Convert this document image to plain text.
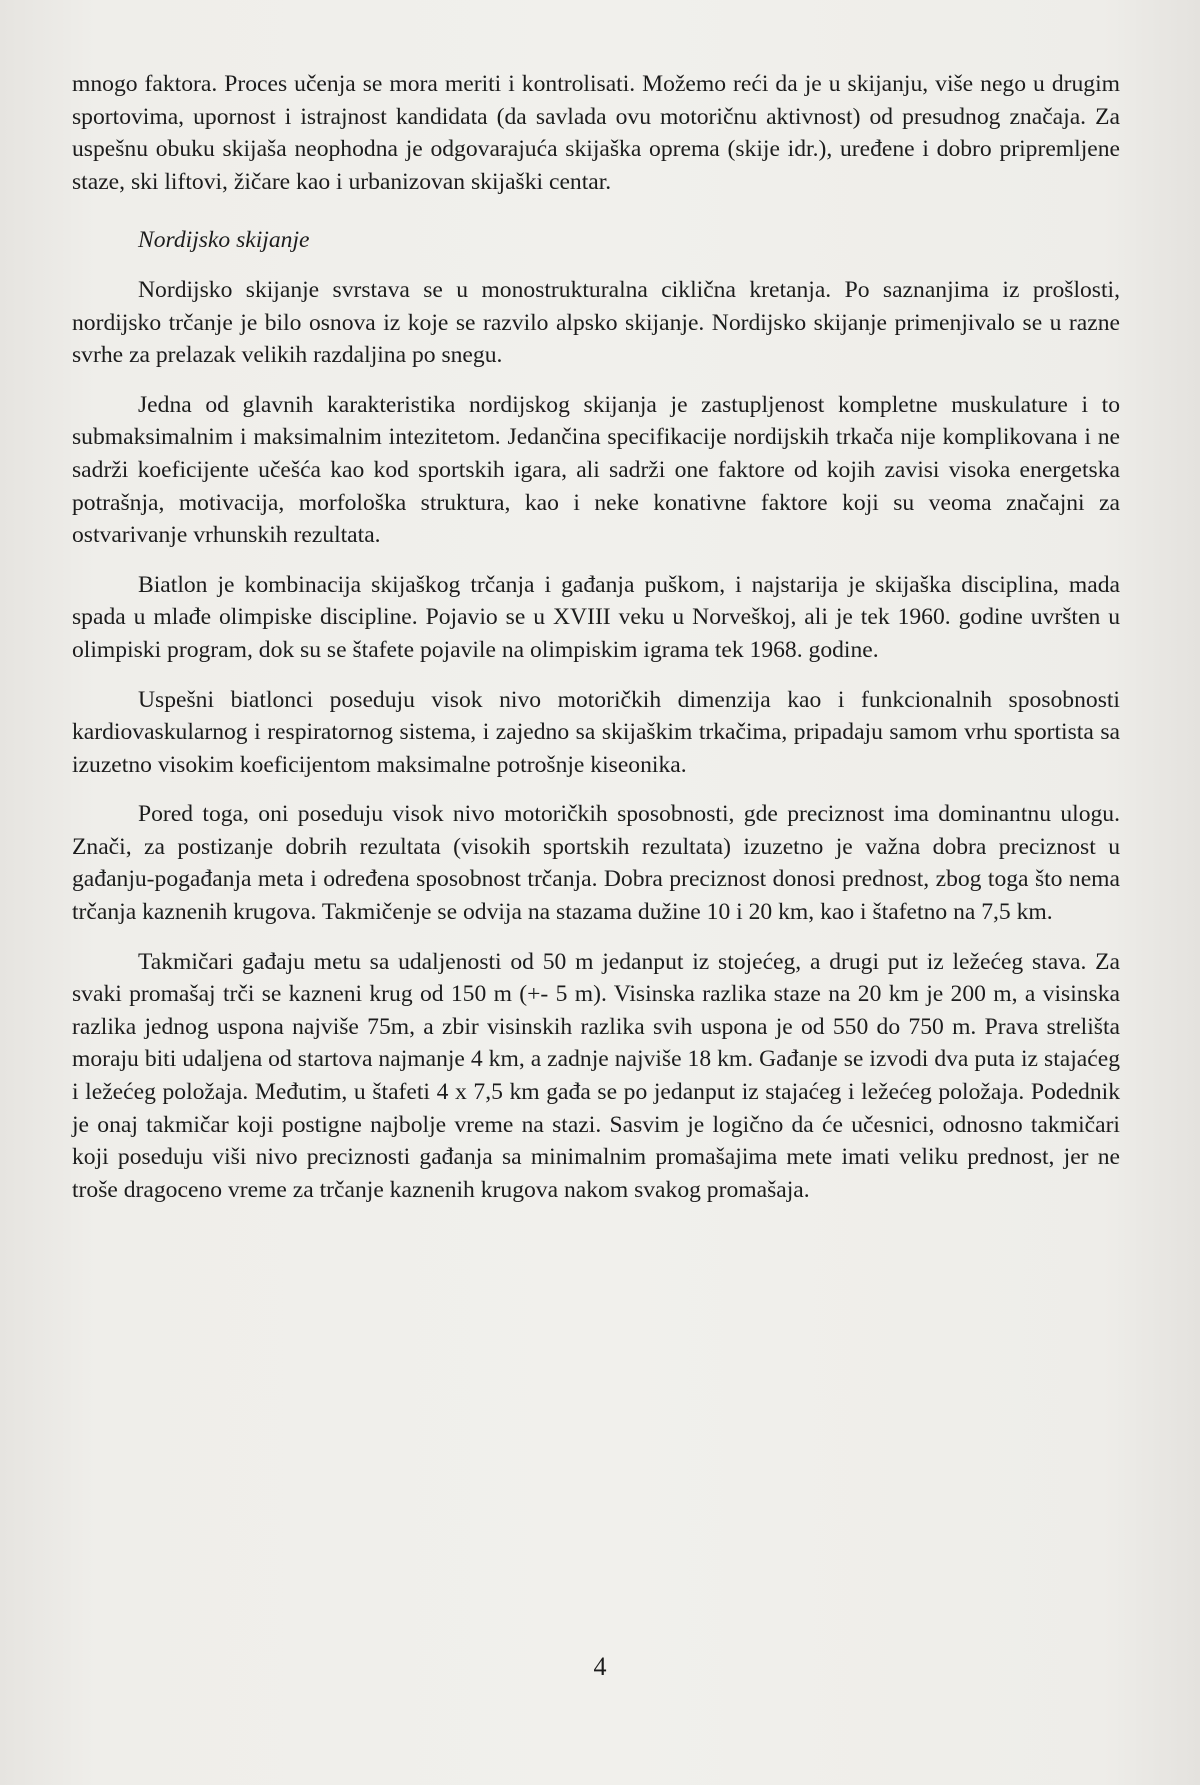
mnogo faktora. Proces učenja se mora meriti i kontrolisati. Možemo reći da je u skijanju, više nego u drugim sportovima, upornost i istrajnost kandidata (da savlada ovu motoričnu aktivnost) od presudnog značaja. Za uspešnu obuku skijaša neophodna je odgovarajuća skijaška oprema (skije idr.), uređene i dobro pripremljene staze, ski liftovi, žičare kao i urbanizovan skijaški centar.

Nordijsko skijanje

Nordijsko skijanje svrstava se u monostrukturalna ciklična kretanja. Po saznanjima iz prošlosti, nordijsko trčanje je bilo osnova iz koje se razvilo alpsko skijanje. Nordijsko skijanje primenjivalo se u razne svrhe za prelazak velikih razdaljina po snegu.

Jedna od glavnih karakteristika nordijskog skijanja je zastupljenost kompletne muskulature i to submaksimalnim i maksimalnim intezitetom. Jedančina specifikacije nordijskih trkača nije komplikovana i ne sadrži koeficijente učešća kao kod sportskih igara, ali sadrži one faktore od kojih zavisi visoka energetska potrašnja, motivacija, morfološka struktura, kao i neke konativne faktore koji su veoma značajni za ostvarivanje vrhunskih rezultata.

Biatlon je kombinacija skijaškog trčanja i gađanja puškom, i najstarija je skijaška disciplina, mada spada u mlađe olimpiske discipline. Pojavio se u XVIII veku u Norveškoj, ali je tek 1960. godine uvršten u olimpiski program, dok su se štafete pojavile na olimpiskim igrama tek 1968. godine.

Uspešni biatlonci poseduju visok nivo motoričkih dimenzija kao i funkcionalnih sposobnosti kardiovaskularnog i respiratornog sistema, i zajedno sa skijaškim trkačima, pripadaju samom vrhu sportista sa izuzetno visokim koeficijentom maksimalne potrošnje kiseonika.

Pored toga, oni poseduju visok nivo motoričkih sposobnosti, gde preciznost ima dominantnu ulogu. Znači, za postizanje dobrih rezultata (visokih sportskih rezultata) izuzetno je važna dobra preciznost u gađanju-pogađanja meta i određena sposobnost trčanja. Dobra preciznost donosi prednost, zbog toga što nema trčanja kaznenih krugova. Takmičenje se odvija na stazama dužine 10 i 20 km, kao i štafetno na 7,5 km.

Takmičari gađaju metu sa udaljenosti od 50 m jedanput iz stojećeg, a drugi put iz ležećeg stava. Za svaki promašaj trči se kazneni krug od 150 m (+- 5 m). Visinska razlika staze na 20 km je 200 m, a visinska razlika jednog uspona najviše 75m, a zbir visinskih razlika svih uspona je od 550 do 750 m. Prava strelišta moraju biti udaljena od startova najmanje 4 km, a zadnje najviše 18 km. Gađanje se izvodi dva puta iz stajaćeg i ležećeg položaja. Međutim, u štafeti 4 x 7,5 km gađa se po jedanput iz stajaćeg i ležećeg položaja. Podednik je onaj takmičar koji postigne najbolje vreme na stazi. Sasvim je logično da će učesnici, odnosno takmičari koji poseduju viši nivo preciznosti gađanja sa minimalnim promašajima mete imati veliku prednost, jer ne troše dragoceno vreme za trčanje kaznenih krugova nakom svakog promašaja.

4
